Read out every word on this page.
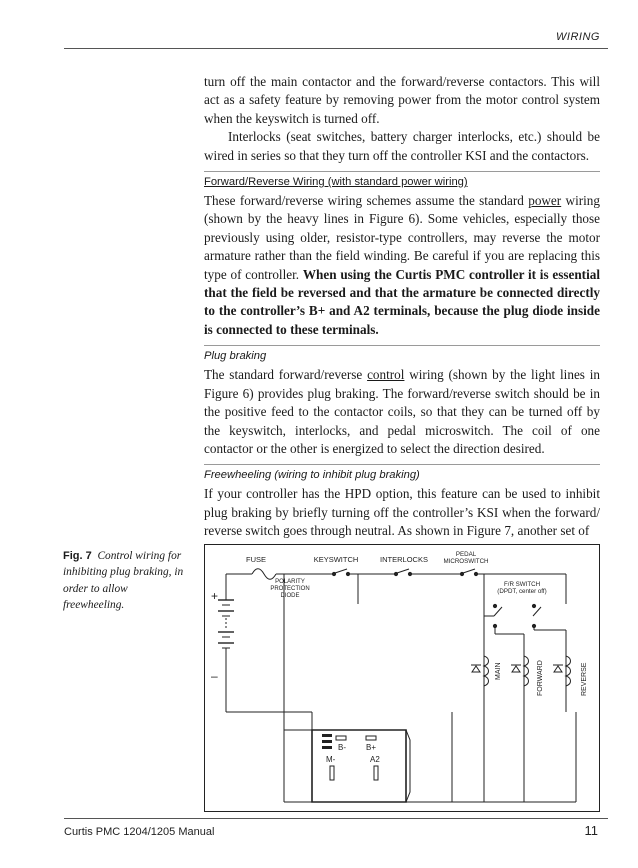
WIRING

turn off the main contactor and the forward/reverse contactors. This will act as a safety feature by removing power from the motor control system when the keyswitch is turned off.

Interlocks (seat switches, battery charger interlocks, etc.) should be wired in series so that they turn off the controller KSI and the contactors.

Forward/Reverse Wiring (with standard power wiring)

These forward/reverse wiring schemes assume the standard power wiring (shown by the heavy lines in Figure 6). Some vehicles, especially those previously using older, resistor-type controllers, may reverse the motor armature rather than the field winding. Be careful if you are replacing this type of controller. When using the Curtis PMC controller it is essential that the field be reversed and that the armature be connected directly to the controller’s B+ and A2 terminals, because the plug diode inside is connected to these terminals.

Plug braking

The standard forward/reverse control wiring (shown by the light lines in Figure 6) provides plug braking. The forward/reverse switch should be in the positive feed to the contactor coils, so that they can be turned off by the keyswitch, interlocks, and pedal microswitch. The coil of one contactor or the other is energized to select the direction desired.

Freewheeling (wiring to inhibit plug braking)

If your controller has the HPD option, this feature can be used to inhibit plug braking by briefly turning off the controller’s KSI when the forward/ reverse switch goes through neutral. As shown in Figure 7, another set of

Fig. 7 Control wiring for inhibiting plug braking, in order to allow freewheeling.
FUSE	KEYSWITCH	INTERLOCKS
PEDAL
MICROSWITCH
POLARITY
PROTECTION
DIODE
F/R SWITCH
(DPDT, center off)
+
–	MAIN	FORWARD	REVERSE
B-	B+
M-	A2
Curtis PMC 1204/1205 Manual	11
